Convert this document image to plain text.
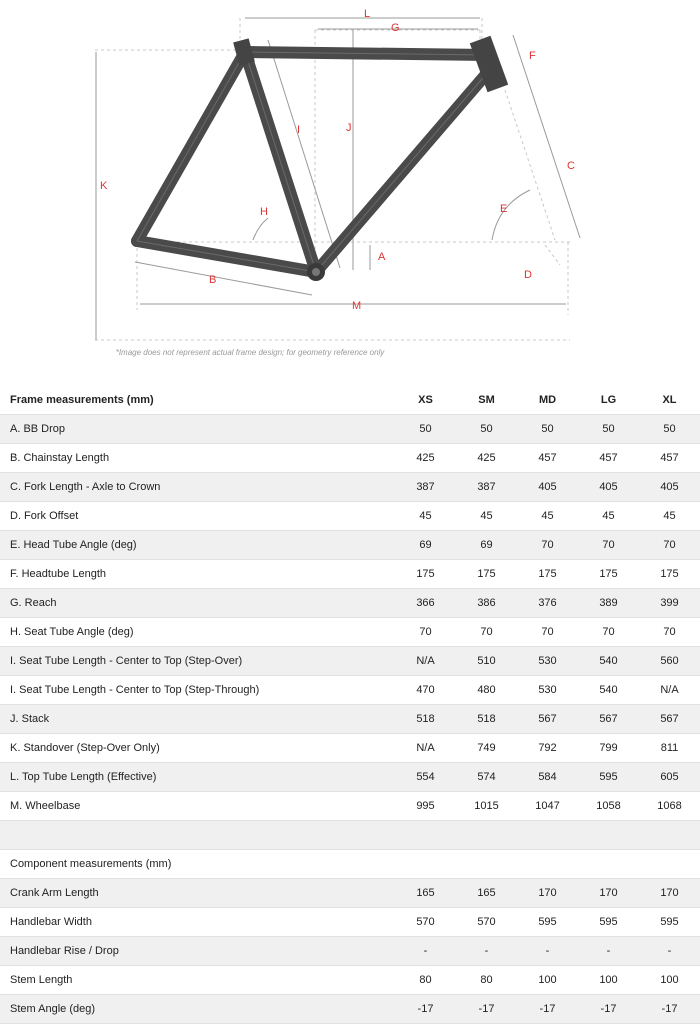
L
G
F
J
I
K
C
H	E
A
B	D
M
*Image does not represent actual frame design; for geometry reference only
Frame measurements (mm)	XS	SM	MD	LG	XL
A. BB Drop	50	50	50	50	50
B. Chainstay Length	425	425	457	457	457
C. Fork Length - Axle to Crown	387	387	405	405	405
D. Fork Offset	45	45	45	45	45
E. Head Tube Angle (deg)	69	69	70	70	70
F. Headtube Length	175	175	175	175	175
G. Reach	366	386	376	389	399
H. Seat Tube Angle (deg)	70	70	70	70	70
I. Seat Tube Length - Center to Top (Step-Over)	N/A	510	530	540	560
I. Seat Tube Length - Center to Top (Step-Through)	470	480	530	540	N/A
J. Stack	518	518	567	567	567
K. Standover (Step-Over Only)	N/A	749	792	799	811
L. Top Tube Length (Effective)	554	574	584	595	605
M. Wheelbase	995	1015	1047	1058	1068

Component measurements (mm)					
Crank Arm Length	165	165	170	170	170
Handlebar Width	570	570	595	595	595
Handlebar Rise / Drop	-	-	-	-	-
Stem Length	80	80	100	100	100
Stem Angle (deg)	-17	-17	-17	-17	-17
